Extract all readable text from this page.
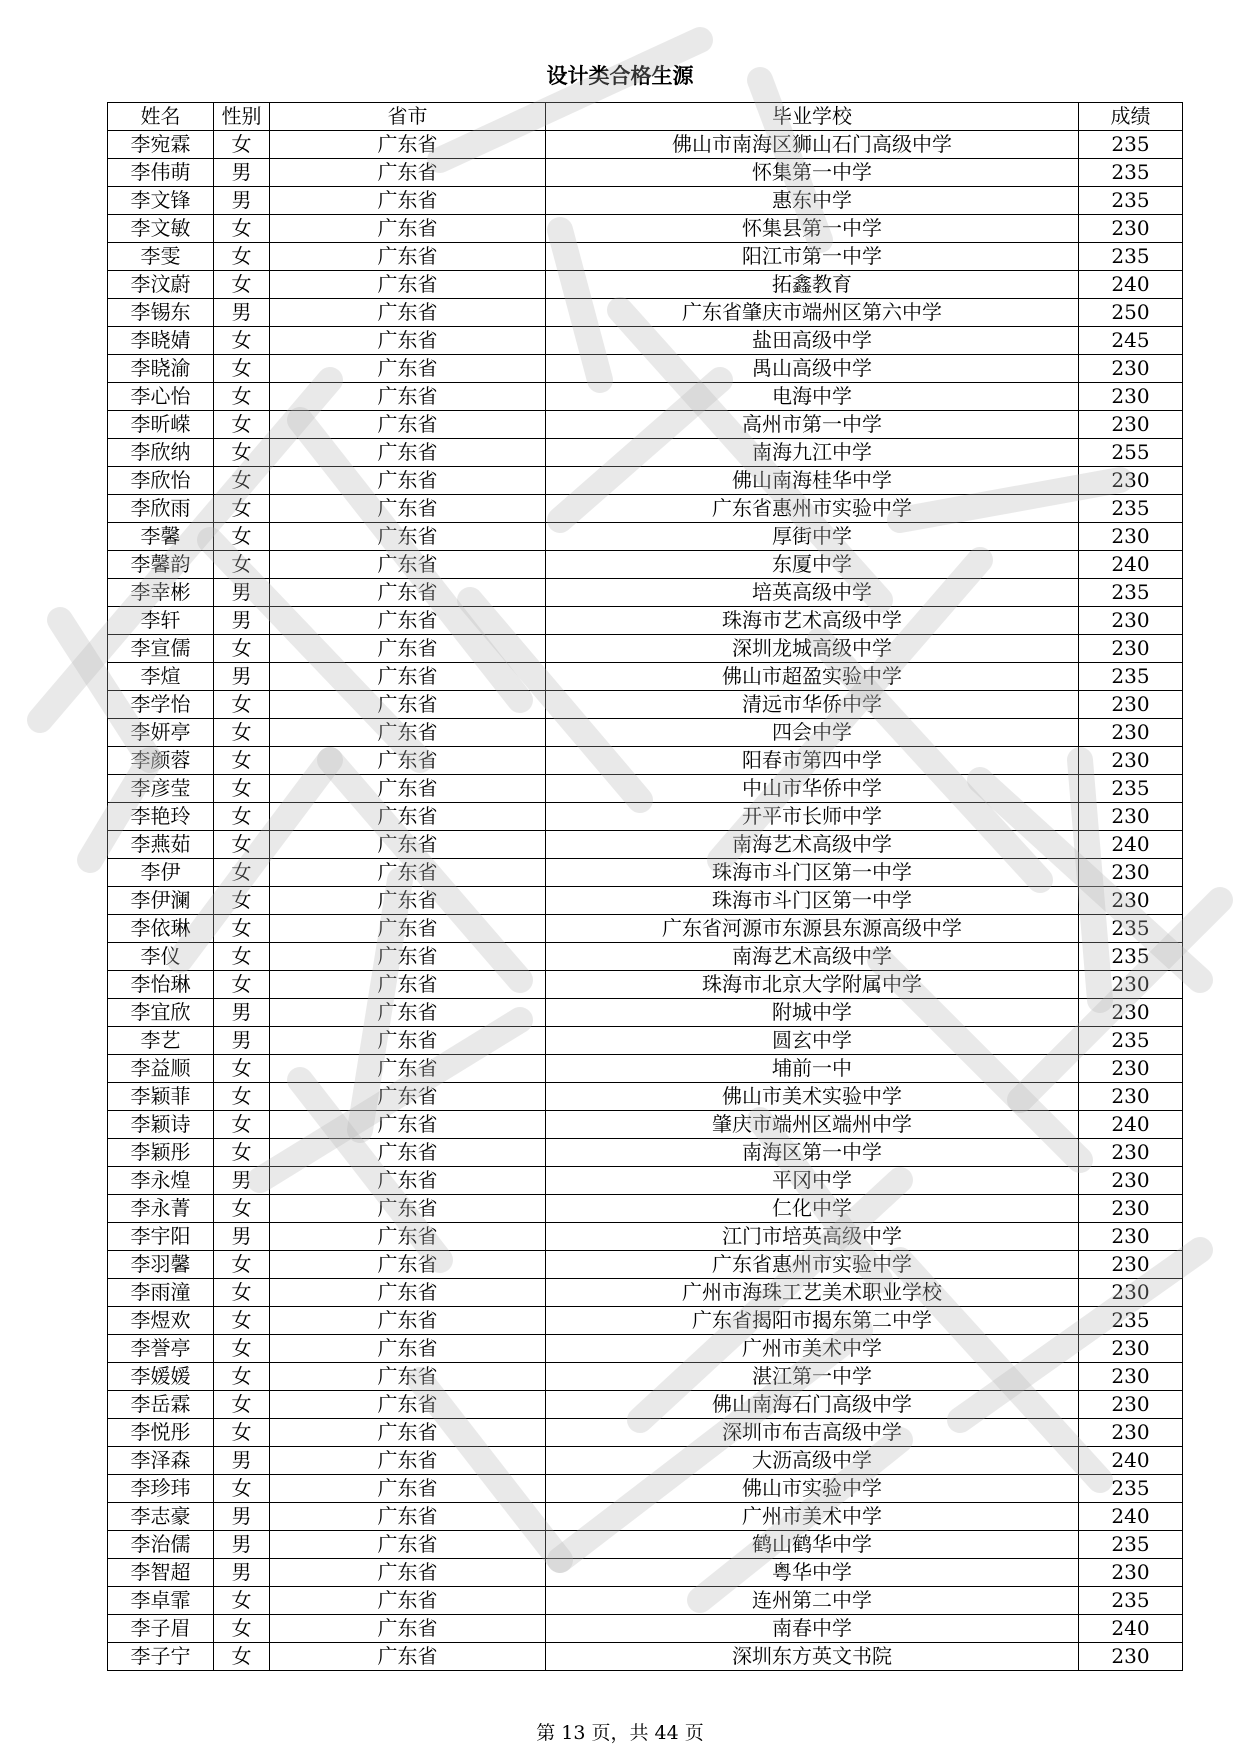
设计类合格生源
姓名	性别	省市	毕业学校	成绩
李宛霖	女	广东省	佛山市南海区狮山石门高级中学	235
李伟萌	男	广东省	怀集第一中学	235
李文锋	男	广东省	惠东中学	235
李文敏	女	广东省	怀集县第一中学	230
李雯	女	广东省	阳江市第一中学	235
李汶蔚	女	广东省	拓鑫教育	240
李锡东	男	广东省	广东省肇庆市端州区第六中学	250
李晓婧	女	广东省	盐田高级中学	245
李晓渝	女	广东省	禺山高级中学	230
李心怡	女	广东省	电海中学	230
李昕嵘	女	广东省	高州市第一中学	230
李欣纳	女	广东省	南海九江中学	255
李欣怡	女	广东省	佛山南海桂华中学	230
李欣雨	女	广东省	广东省惠州市实验中学	235
李馨	女	广东省	厚街中学	230
李馨韵	女	广东省	东厦中学	240
李幸彬	男	广东省	培英高级中学	235
李轩	男	广东省	珠海市艺术高级中学	230
李宣儒	女	广东省	深圳龙城高级中学	230
李煊	男	广东省	佛山市超盈实验中学	235
李学怡	女	广东省	清远市华侨中学	230
李妍亭	女	广东省	四会中学	230
李颜蓉	女	广东省	阳春市第四中学	230
李彦莹	女	广东省	中山市华侨中学	235
李艳玲	女	广东省	开平市长师中学	230
李燕茹	女	广东省	南海艺术高级中学	240
李伊	女	广东省	珠海市斗门区第一中学	230
李伊澜	女	广东省	珠海市斗门区第一中学	230
李依琳	女	广东省	广东省河源市东源县东源高级中学	235
李仪	女	广东省	南海艺术高级中学	235
李怡琳	女	广东省	珠海市北京大学附属中学	230
李宜欣	男	广东省	附城中学	230
李艺	男	广东省	圆玄中学	235
李益顺	女	广东省	埔前一中	230
李颖菲	女	广东省	佛山市美术实验中学	230
李颖诗	女	广东省	肇庆市端州区端州中学	240
李颖彤	女	广东省	南海区第一中学	230
李永煌	男	广东省	平冈中学	230
李永菁	女	广东省	仁化中学	230
李宇阳	男	广东省	江门市培英高级中学	230
李羽馨	女	广东省	广东省惠州市实验中学	230
李雨潼	女	广东省	广州市海珠工艺美术职业学校	230
李煜欢	女	广东省	广东省揭阳市揭东第二中学	235
李誉亭	女	广东省	广州市美术中学	230
李媛媛	女	广东省	湛江第一中学	230
李岳霖	女	广东省	佛山南海石门高级中学	230
李悦彤	女	广东省	深圳市布吉高级中学	230
李泽森	男	广东省	大沥高级中学	240
李珍玮	女	广东省	佛山市实验中学	235
李志豪	男	广东省	广州市美术中学	240
李治儒	男	广东省	鹤山鹤华中学	235
李智超	男	广东省	粤华中学	230
李卓霏	女	广东省	连州第二中学	235
李子眉	女	广东省	南春中学	240
李子宁	女	广东省	深圳东方英文书院	230
第 13 页，共 44 页
